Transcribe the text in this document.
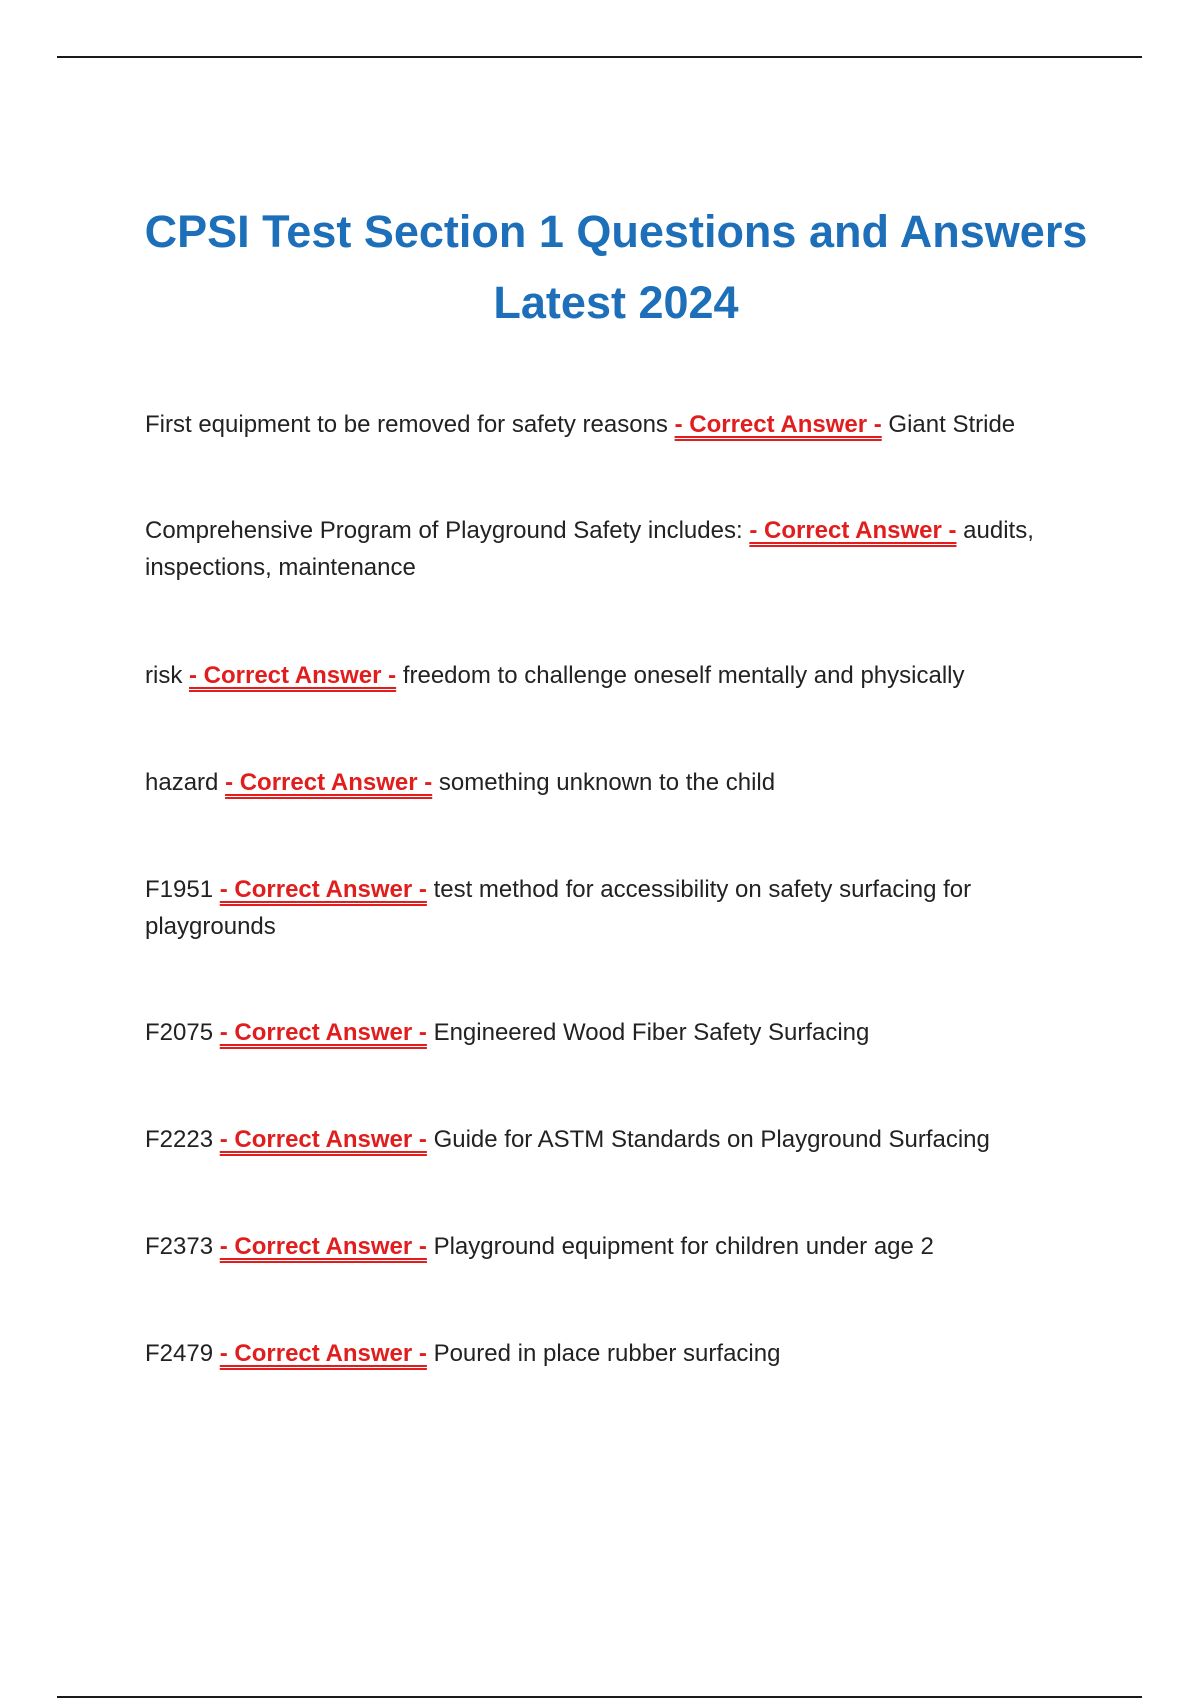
CPSI Test Section 1 Questions and Answers
Latest 2024

First equipment to be removed for safety reasons - Correct Answer - Giant Stride

Comprehensive Program of Playground Safety includes: - Correct Answer - audits, inspections, maintenance

risk - Correct Answer - freedom to challenge oneself mentally and physically

hazard - Correct Answer - something unknown to the child

F1951 - Correct Answer - test method for accessibility on safety surfacing for playgrounds

F2075 - Correct Answer - Engineered Wood Fiber Safety Surfacing

F2223 - Correct Answer - Guide for ASTM Standards on Playground Surfacing

F2373 - Correct Answer - Playground equipment for children under age 2

F2479 - Correct Answer - Poured in place rubber surfacing
